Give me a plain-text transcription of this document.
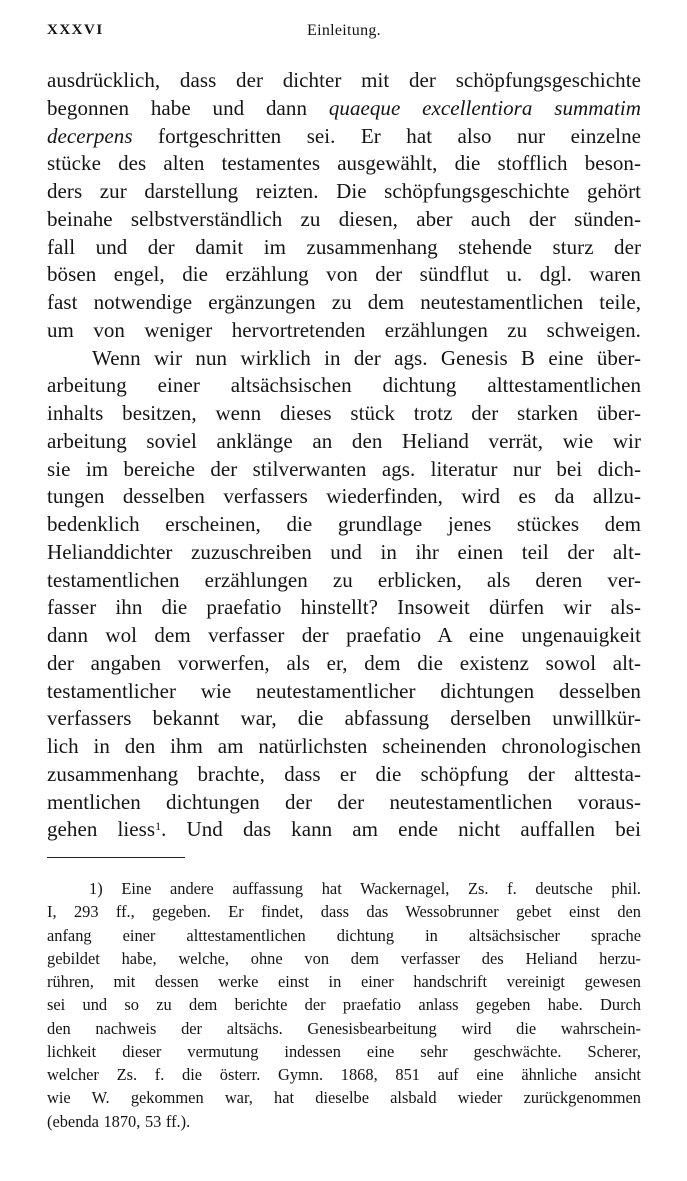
XXXVI	Einleitung.
ausdrücklich, dass der dichter mit der schöpfungsgeschichte
begonnen habe und dann quaeque excellentiora summatim
decerpens fortgeschritten sei. Er hat also nur einzelne
stücke des alten testamentes ausgewählt, die stofflich beson-
ders zur darstellung reizten. Die schöpfungsgeschichte gehört
beinahe selbstverständlich zu diesen, aber auch der sünden-
fall und der damit im zusammenhang stehende sturz der
bösen engel, die erzählung von der sündflut u. dgl. waren
fast notwendige ergänzungen zu dem neutestamentlichen teile,
um von weniger hervortretenden erzählungen zu schweigen.
Wenn wir nun wirklich in der ags. Genesis B eine über-
arbeitung einer altsächsischen dichtung alttestamentlichen
inhalts besitzen, wenn dieses stück trotz der starken über-
arbeitung soviel anklänge an den Heliand verrät, wie wir
sie im bereiche der stilverwanten ags. literatur nur bei dich-
tungen desselben verfassers wiederfinden, wird es da allzu-
bedenklich erscheinen, die grundlage jenes stückes dem
Helianddichter zuzuschreiben und in ihr einen teil der alt-
testamentlichen erzählungen zu erblicken, als deren ver-
fasser ihn die praefatio hinstellt? Insoweit dürfen wir als-
dann wol dem verfasser der praefatio A eine ungenauigkeit
der angaben vorwerfen, als er, dem die existenz sowol alt-
testamentlicher wie neutestamentlicher dichtungen desselben
verfassers bekannt war, die abfassung derselben unwillkür-
lich in den ihm am natürlichsten scheinenden chronologischen
zusammenhang brachte, dass er die schöpfung der alttesta-
mentlichen dichtungen der der neutestamentlichen voraus-
gehen liess$^1$. Und das kann am ende nicht auffallen bei
1) Eine andere auffassung hat Wackernagel, Zs. f. deutsche phil.
I, 293 ff., gegeben. Er findet, dass das Wessobrunner gebet einst den
anfang einer alttestamentlichen dichtung in altsächsischer sprache
gebildet habe, welche, ohne von dem verfasser des Heliand herzu-
rühren, mit dessen werke einst in einer handschrift vereinigt gewesen
sei und so zu dem berichte der praefatio anlass gegeben habe. Durch
den nachweis der altsächs. Genesisbearbeitung wird die wahrschein-
lichkeit dieser vermutung indessen eine sehr geschwächte. Scherer,
welcher Zs. f. die österr. Gymn. 1868, 851 auf eine ähnliche ansicht
wie W. gekommen war, hat dieselbe alsbald wieder zurückgenommen
(ebenda 1870, 53 ff.).
